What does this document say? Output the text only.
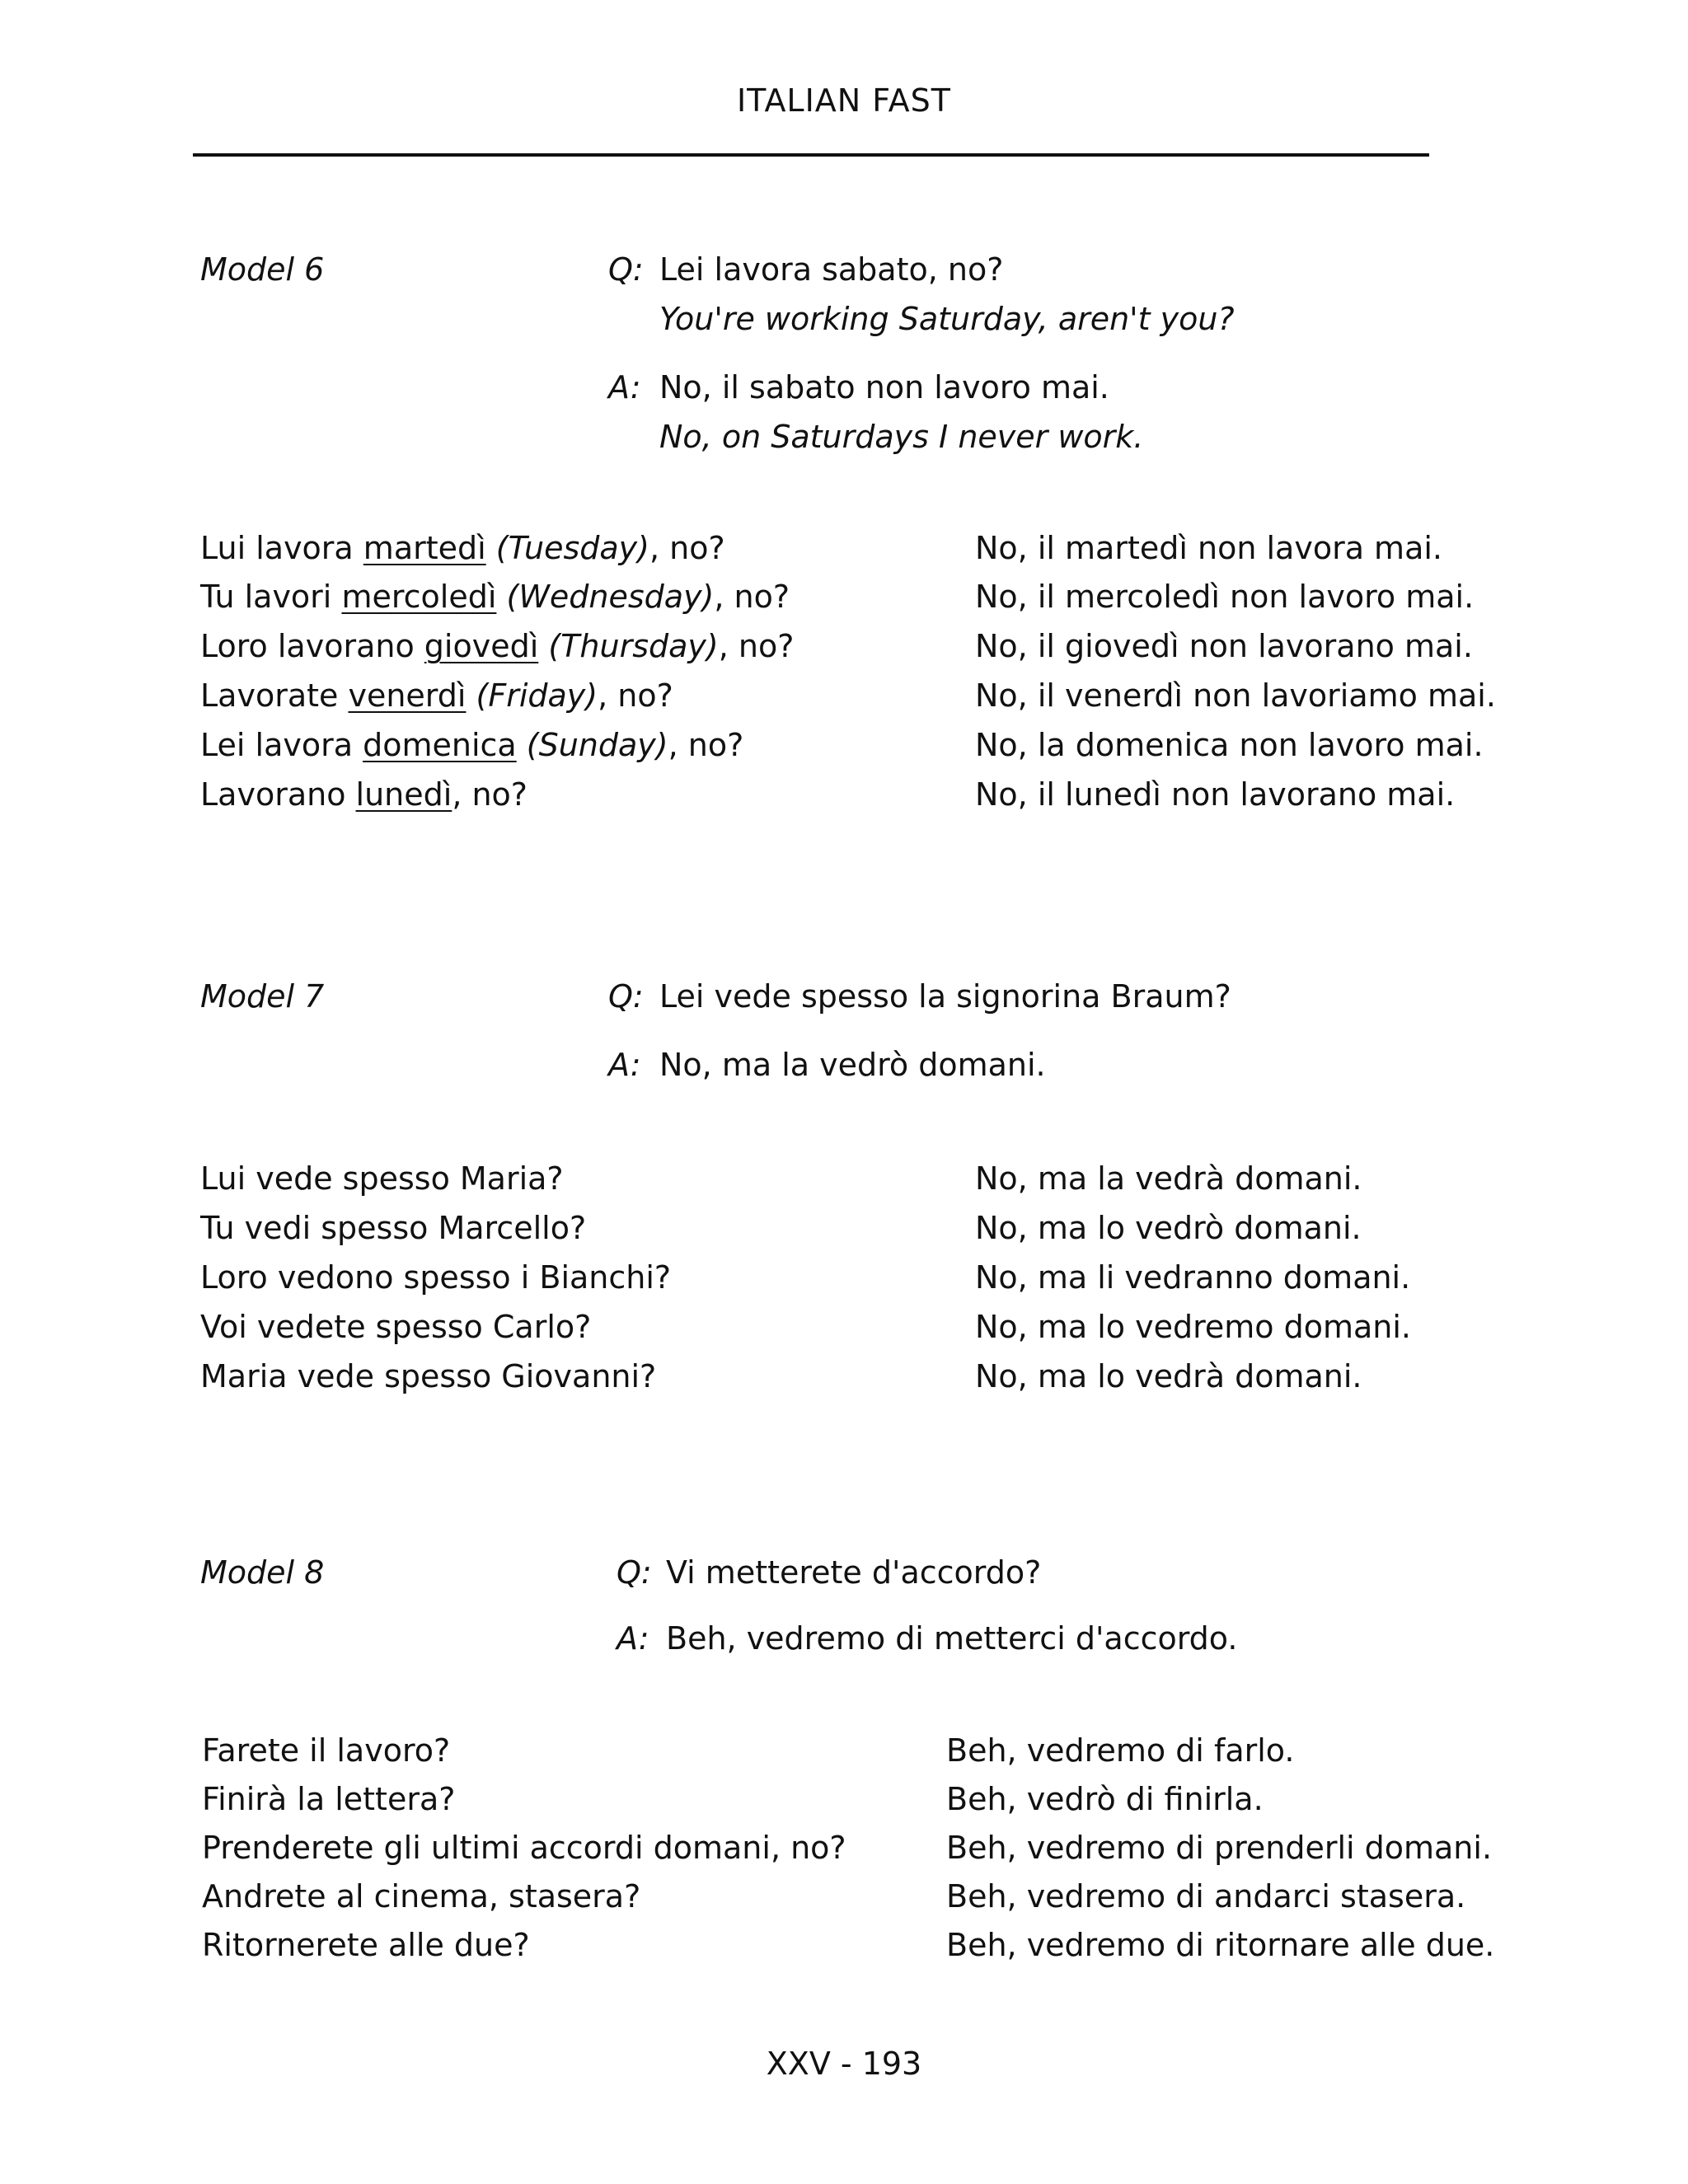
ITALIAN FAST
Model 6	Q: Lei lavora sabato, no?
You're working Saturday, aren't you?
A: No, il sabato non lavoro mai.
No, on Saturdays I never work.
Lui lavora martedì (Tuesday), no?	No, il martedì non lavora mai.
Tu lavori mercoledì (Wednesday), no?	No, il mercoledì non lavoro mai.
Loro lavorano giovedì (Thursday), no?	No, il giovedì non lavorano mai.
Lavorate venerdì (Friday), no?	No, il venerdì non lavoriamo mai.
Lei lavora domenica (Sunday), no?	No, la domenica non lavoro mai.
Lavorano lunedì, no?	No, il lunedì non lavorano mai.
Model 7	Q: Lei vede spesso la signorina Braum?
A: No, ma la vedrò domani.
Lui vede spesso Maria?	No, ma la vedrà domani.
Tu vedi spesso Marcello?	No, ma lo vedrò domani.
Loro vedono spesso i Bianchi?	No, ma li vedranno domani.
Voi vedete spesso Carlo?	No, ma lo vedremo domani.
Maria vede spesso Giovanni?	No, ma lo vedrà domani.
Model 8	Q: Vi metterete d'accordo?
A: Beh, vedremo di metterci d'accordo.
Farete il lavoro?	Beh, vedremo di farlo.
Finirà la lettera?	Beh, vedrò di finirla.
Prenderete gli ultimi accordi domani, no?	Beh, vedremo di prenderli domani.
Andrete al cinema, stasera?	Beh, vedremo di andarci stasera.
Ritornerete alle due?	Beh, vedremo di ritornare alle due.
XXV - 193
